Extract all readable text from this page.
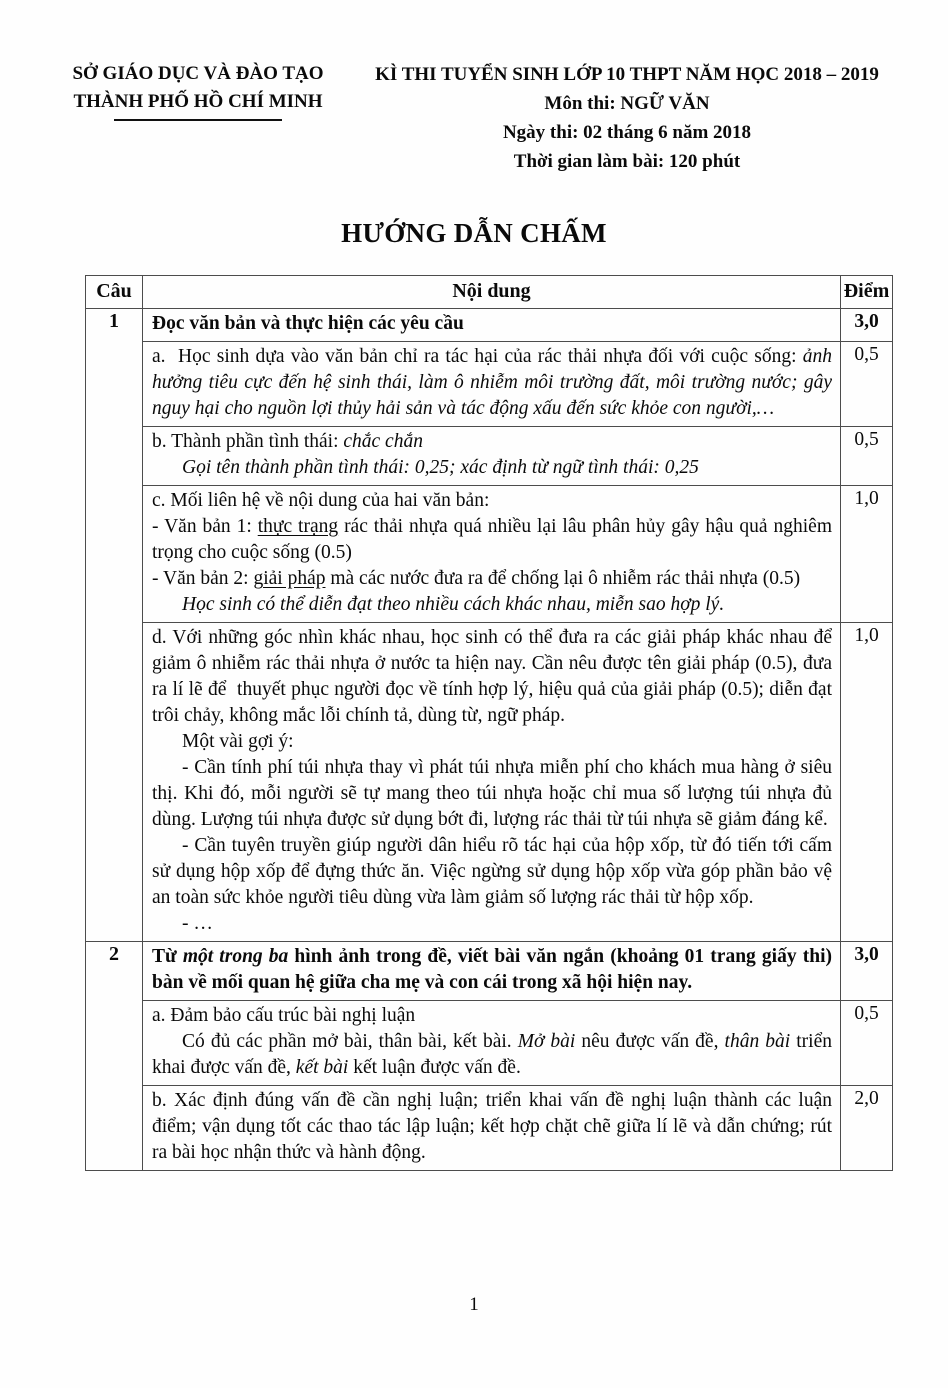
SỞ GIÁO DỤC VÀ ĐÀO TẠO
THÀNH PHỐ HỒ CHÍ MINH
KÌ THI TUYỂN SINH LỚP 10 THPT NĂM HỌC 2018 – 2019
Môn thi: NGỮ VĂN
Ngày thi: 02 tháng 6 năm 2018
Thời gian làm bài: 120 phút
HƯỚNG DẪN CHẤM
Câu	Nội dung	Điểm
1	Đọc văn bản và thực hiện các yêu cầu	3,0

	a.  Học sinh dựa vào văn bản chỉ ra tác hại của rác thải nhựa đối với cuộc sống: ảnh hưởng tiêu cực đến hệ sinh thái, làm ô nhiễm môi trường đất, môi trường nước; gây nguy hại cho nguồn lợi thủy hải sản và tác động xấu đến sức khỏe con người,…	0,5

	b. Thành phần tình thái: chắc chắn

Gọi tên thành phần tình thái: 0,25; xác định từ ngữ tình thái: 0,25	0,5

	c. Mối liên hệ về nội dung của hai văn bản:

- Văn bản 1: thực trạng rác thải nhựa quá nhiều lại lâu phân hủy gây hậu quả nghiêm trọng cho cuộc sống (0.5)

- Văn bản 2: giải pháp mà các nước đưa ra để chống lại ô nhiễm rác thải nhựa (0.5)

Học sinh có thể diễn đạt theo nhiều cách khác nhau, miễn sao hợp lý.	1,0

	d. Với những góc nhìn khác nhau, học sinh có thể đưa ra các giải pháp khác nhau để giảm ô nhiễm rác thải nhựa ở nước ta hiện nay. Cần nêu được tên giải pháp (0.5), đưa ra lí lẽ để  thuyết phục người đọc về tính hợp lý, hiệu quả của giải pháp (0.5); diễn đạt trôi chảy, không mắc lỗi chính tả, dùng từ, ngữ pháp.

Một vài gợi ý:

- Cần tính phí túi nhựa thay vì phát túi nhựa miễn phí cho khách mua hàng ở siêu thị. Khi đó, mỗi người sẽ tự mang theo túi nhựa hoặc chỉ mua số lượng túi nhựa đủ dùng. Lượng túi nhựa được sử dụng bớt đi, lượng rác thải từ túi nhựa sẽ giảm đáng kể.

- Cần tuyên truyền giúp người dân hiểu rõ tác hại của hộp xốp, từ đó tiến tới cấm sử dụng hộp xốp để đựng thức ăn. Việc ngừng sử dụng hộp xốp vừa góp phần bảo vệ an toàn sức khỏe người tiêu dùng vừa làm giảm số lượng rác thải từ hộp xốp.

- …	1,0
2	Từ một trong ba hình ảnh trong đề, viết bài văn ngắn (khoảng 01 trang giấy thi) bàn về mối quan hệ giữa cha mẹ và con cái trong xã hội hiện nay.	3,0

	a. Đảm bảo cấu trúc bài nghị luận

Có đủ các phần mở bài, thân bài, kết bài. Mở bài nêu được vấn đề, thân bài triển khai được vấn đề, kết bài kết luận được vấn đề.	0,5

	b. Xác định đúng vấn đề cần nghị luận; triển khai vấn đề nghị luận thành các luận điểm; vận dụng tốt các thao tác lập luận; kết hợp chặt chẽ giữa lí lẽ và dẫn chứng; rút ra bài học nhận thức và hành động.	2,0
1
